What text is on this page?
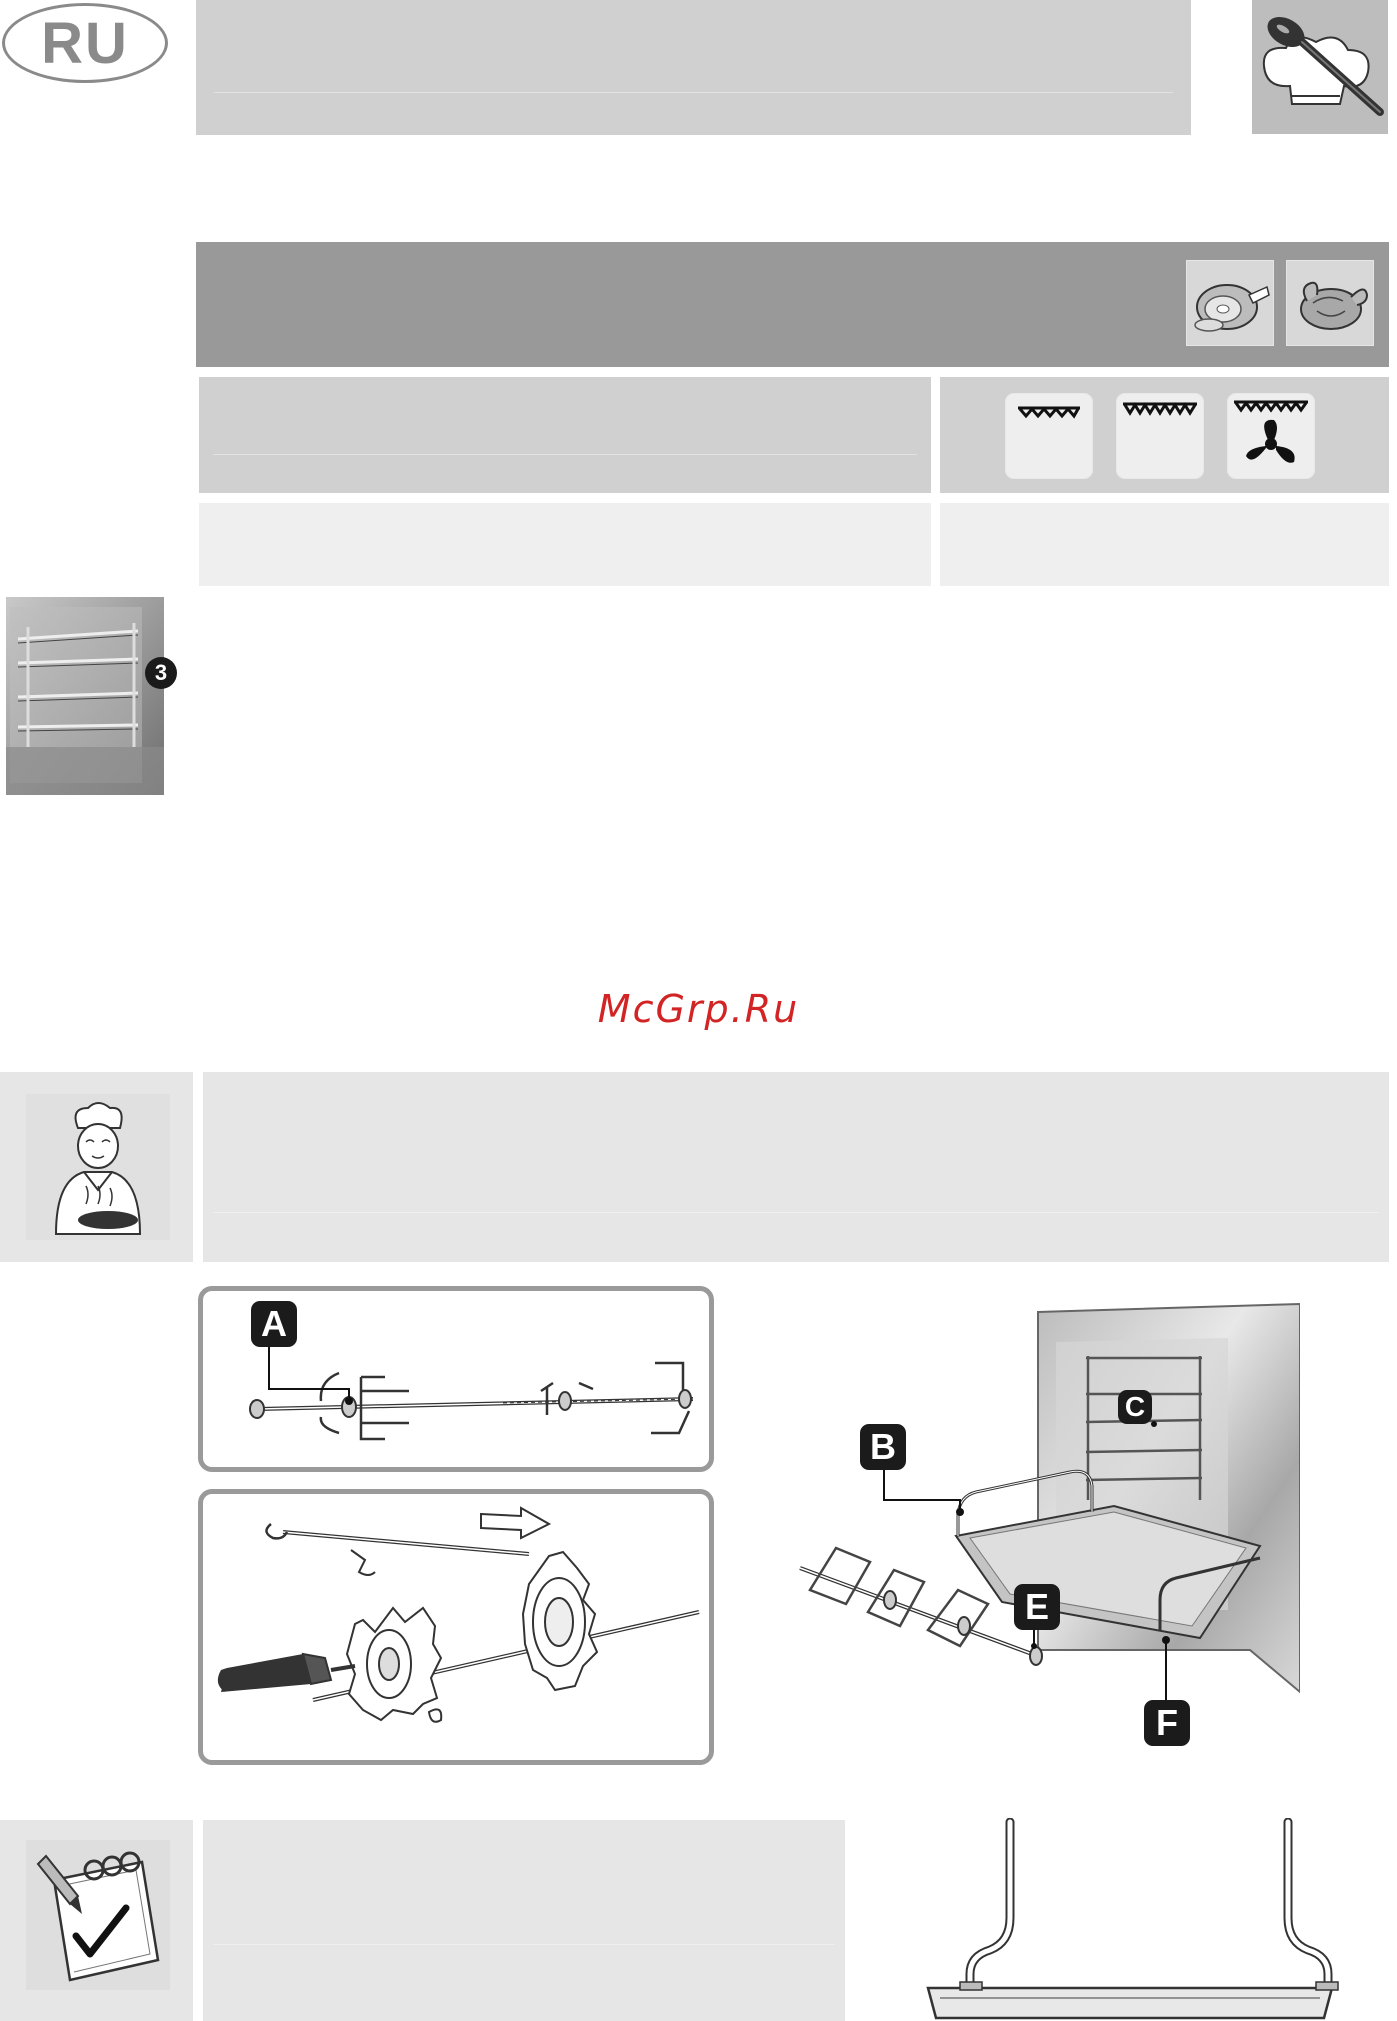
RU
3
McGrp.Ru
A
B
C
E
F
